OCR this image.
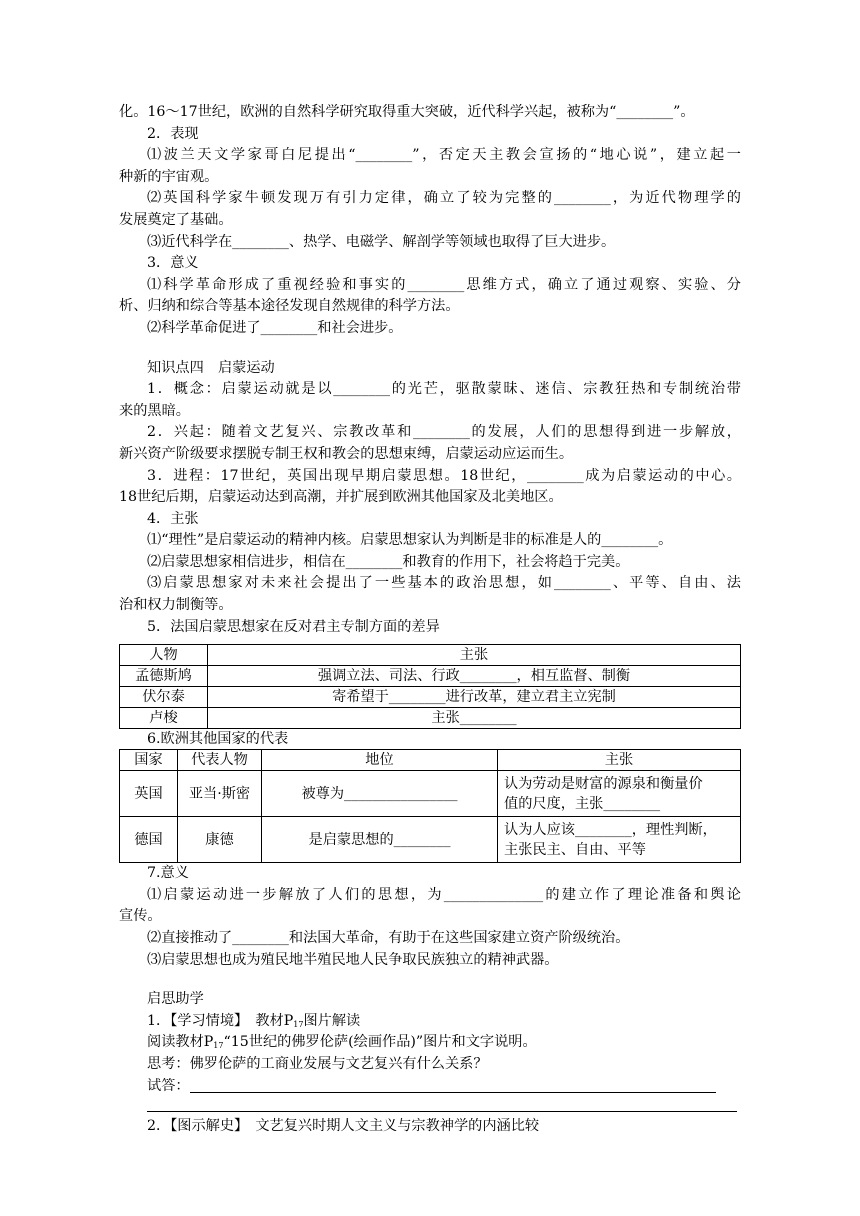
化。16～17世纪，欧洲的自然科学研究取得重大突破，近代科学兴起，被称为“________”。
2．表现
⑴波兰天文学家哥白尼提出“________”，否定天主教会宣扬的“地心说”，建立起一
种新的宇宙观。
⑵英国科学家牛顿发现万有引力定律，确立了较为完整的________，为近代物理学的
发展奠定了基础。
⑶近代科学在________、热学、电磁学、解剖学等领域也取得了巨大进步。
3．意义
⑴科学革命形成了重视经验和事实的________思维方式，确立了通过观察、实验、分
析、归纳和综合等基本途径发现自然规律的科学方法。
⑵科学革命促进了________和社会进步。
知识点四　启蒙运动
1．概念：启蒙运动就是以________的光芒，驱散蒙昧、迷信、宗教狂热和专制统治带
来的黑暗。
2．兴起：随着文艺复兴、宗教改革和________的发展，人们的思想得到进一步解放，
新兴资产阶级要求摆脱专制王权和教会的思想束缚，启蒙运动应运而生。
3．进程：17世纪，英国出现早期启蒙思想。18世纪，________成为启蒙运动的中心。
18世纪后期，启蒙运动达到高潮，并扩展到欧洲其他国家及北美地区。
4．主张
⑴“理性”是启蒙运动的精神内核。启蒙思想家认为判断是非的标准是人的________。
⑵启蒙思想家相信进步，相信在________和教育的作用下，社会将趋于完美。
⑶启蒙思想家对未来社会提出了一些基本的政治思想，如________、平等、自由、法
治和权力制衡等。
5．法国启蒙思想家在反对君主专制方面的差异
人物	主张
孟德斯鸠	强调立法、司法、行政________，相互监督、制衡
伏尔泰	寄希望于________进行改革，建立君主立宪制
卢梭	主张________
6.欧洲其他国家的代表
国家	代表人物	地位	主张
英国	亚当·斯密	被尊为________________	认为劳动是财富的源泉和衡量价
值的尺度，主张________

德国	康德	是启蒙思想的________	认为人应该________，理性判断，
主张民主、自由、平等
7.意义
⑴启蒙运动进一步解放了人们的思想，为______________的建立作了理论准备和舆论
宣传。
⑵直接推动了________和法国大革命，有助于在这些国家建立资产阶级统治。
⑶启蒙思想也成为殖民地半殖民地人民争取民族独立的精神武器。
启思助学
1．【学习情境】　教材$P_{17}$图片解读
阅读教材$P_{17}“15$世纪的佛罗伦萨(绘画作品)”图片和文字说明。
思考：佛罗伦萨的工商业发展与文艺复兴有什么关系？
试答：
2．【图示解史】　文艺复兴时期人文主义与宗教神学的内涵比较
